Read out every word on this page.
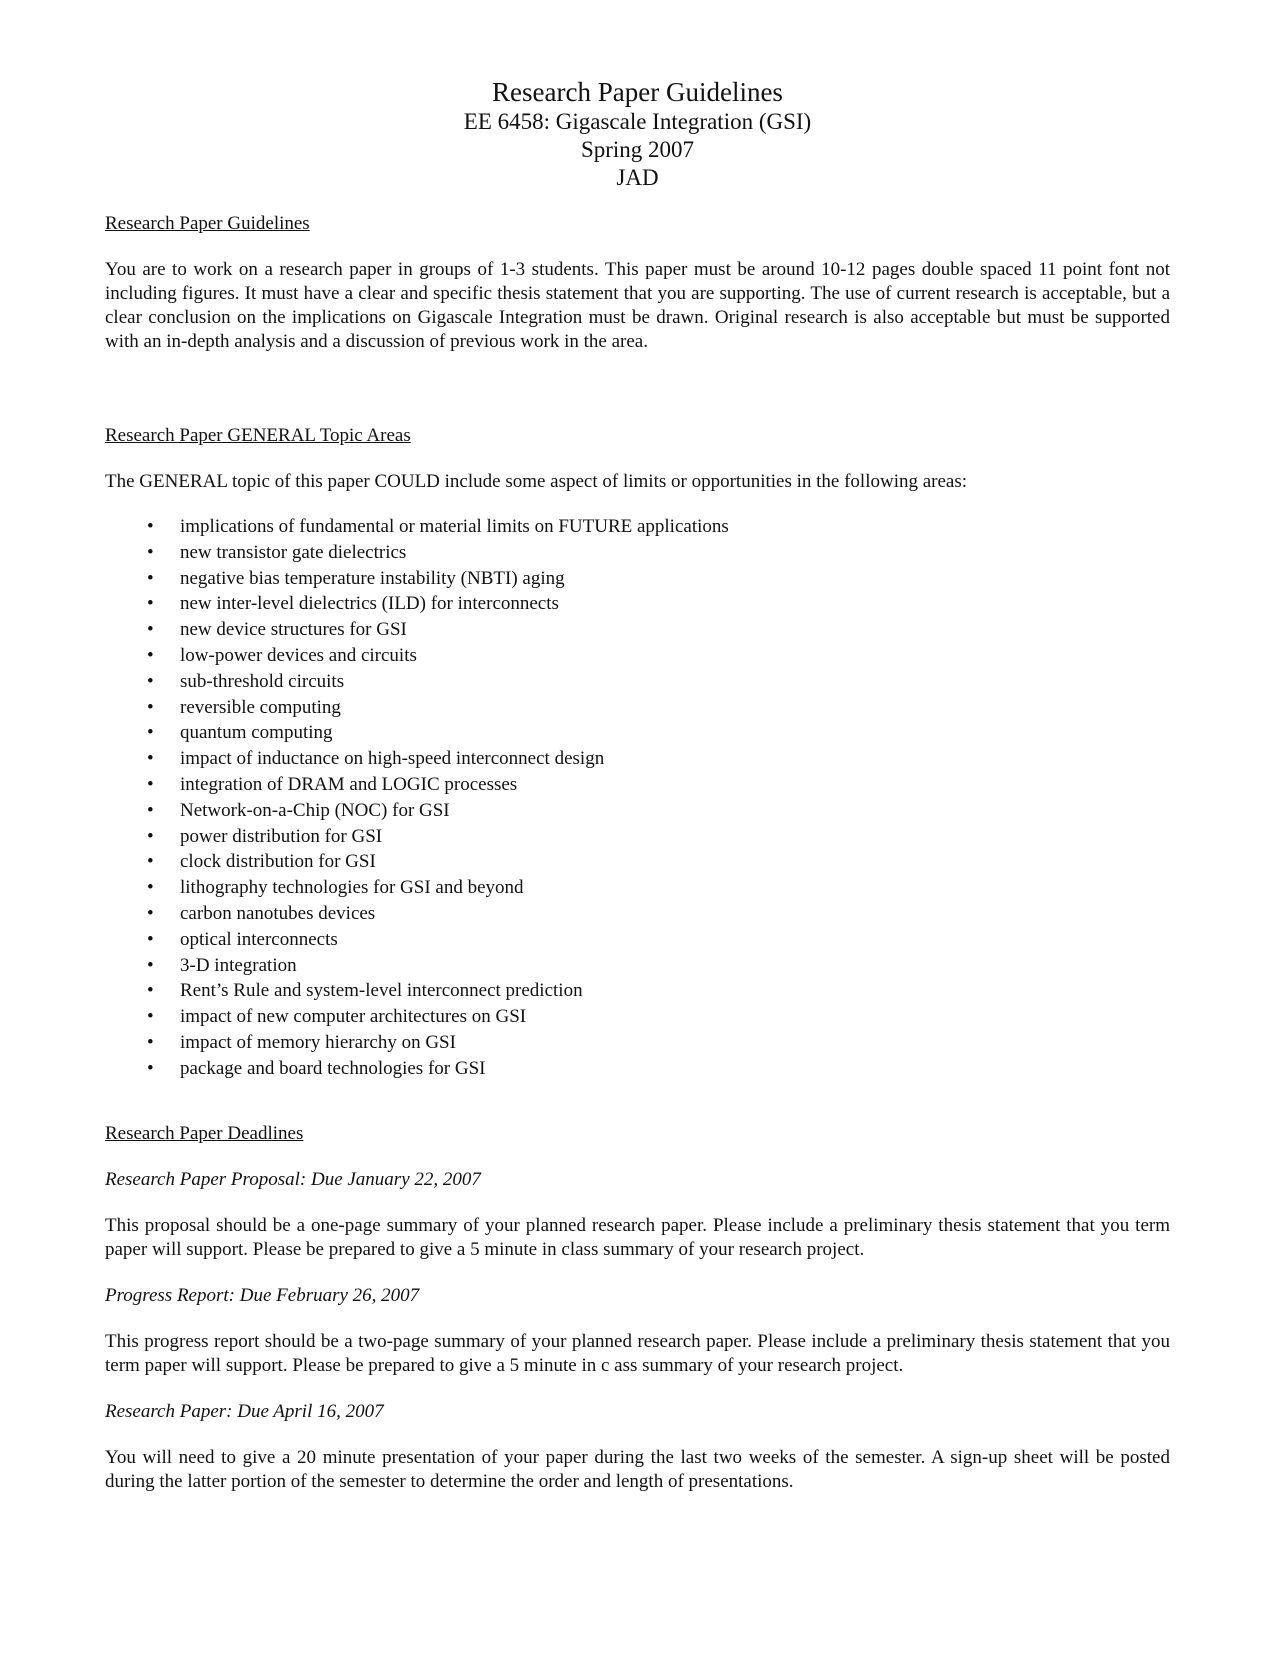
Research Paper Guidelines
EE 6458: Gigascale Integration (GSI)
Spring 2007
JAD
Research Paper Guidelines

You are to work on a research paper in groups of 1-3 students. This paper must be around 10-12 pages double spaced 11 point font not including figures. It must have a clear and specific thesis statement that you are supporting. The use of current research is acceptable, but a clear conclusion on the implications on Gigascale Integration must be drawn. Original research is also acceptable but must be supported with an in-depth analysis and a discussion of previous work in the area.

Research Paper GENERAL Topic Areas

The GENERAL topic of this paper COULD include some aspect of limits or opportunities in the following areas:

• implications of fundamental or material limits on FUTURE applications
• new transistor gate dielectrics
• negative bias temperature instability (NBTI) aging
• new inter-level dielectrics (ILD) for interconnects
• new device structures for GSI
• low-power devices and circuits
• sub-threshold circuits
• reversible computing
• quantum computing
• impact of inductance on high-speed interconnect design
• integration of DRAM and LOGIC processes
• Network-on-a-Chip (NOC) for GSI
• power distribution for GSI
• clock distribution for GSI
• lithography technologies for GSI and beyond
• carbon nanotubes devices
• optical interconnects
• 3-D integration
• Rent’s Rule and system-level interconnect prediction
• impact of new computer architectures on GSI
• impact of memory hierarchy on GSI
• package and board technologies for GSI
Research Paper Deadlines
Research Paper Proposal: Due January 22, 2007

This proposal should be a one-page summary of your planned research paper. Please include a preliminary thesis statement that you term paper will support. Please be prepared to give a 5 minute in class summary of your research project.

Progress Report: Due February 26, 2007

This progress report should be a two-page summary of your planned research paper. Please include a preliminary thesis statement that you term paper will support. Please be prepared to give a 5 minute in c ass summary of your research project.

Research Paper: Due April 16, 2007

You will need to give a 20 minute presentation of your paper during the last two weeks of the semester. A sign-up sheet will be posted during the latter portion of the semester to determine the order and length of presentations.
